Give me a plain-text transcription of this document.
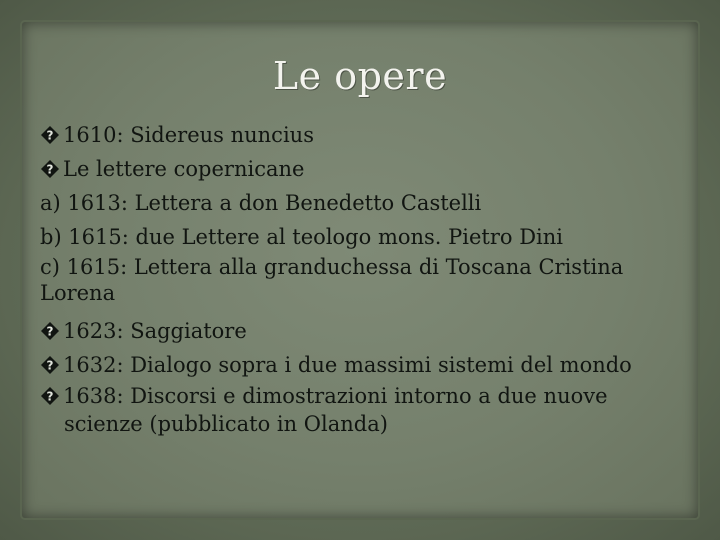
Le opere

? 1610: Sidereus nuncius

? Le lettere copernicane

a) 1613: Lettera a don Benedetto Castelli

b) 1615: due Lettere al teologo mons. Pietro Dini

c) 1615: Lettera alla granduchessa di Toscana Cristina Lorena

? 1623: Saggiatore

? 1632: Dialogo sopra i due massimi sistemi del mondo

? 1638: Discorsi e dimostrazioni intorno a due nuove scienze (pubblicato in Olanda)
